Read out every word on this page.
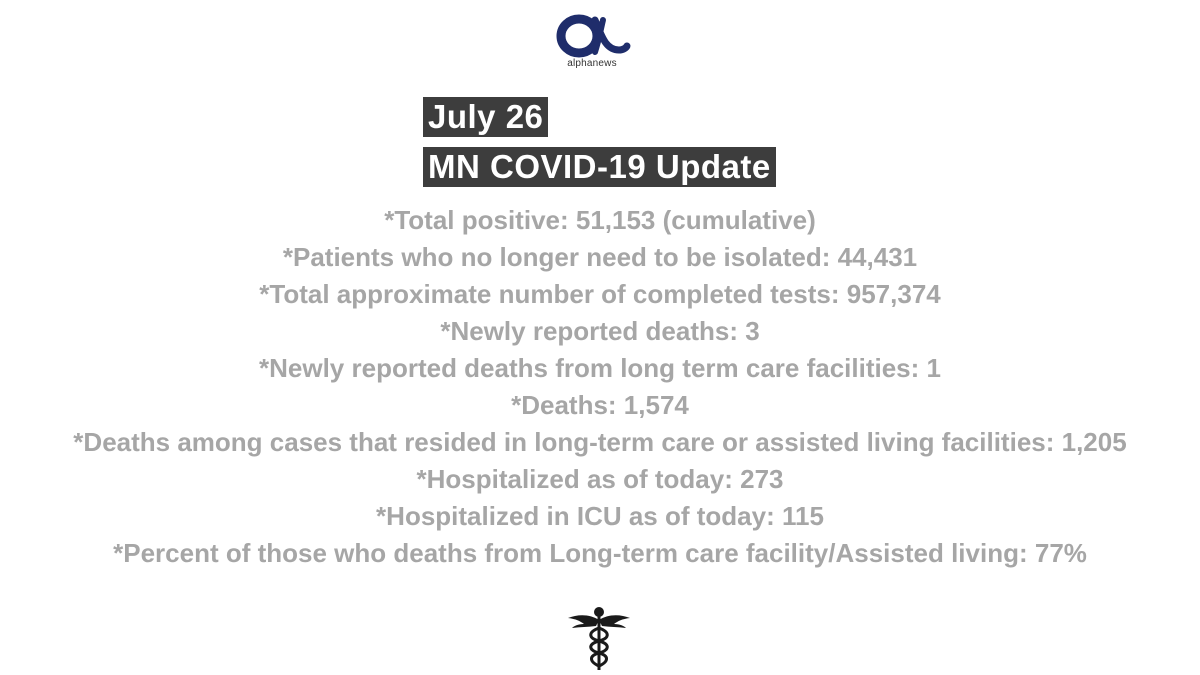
alphanews
July 26
MN COVID-19 Update
*Total positive: 51,153 (cumulative)
*Patients who no longer need to be isolated: 44,431
*Total approximate number of completed tests: 957,374
*Newly reported deaths: 3
*Newly reported deaths from long term care facilities: 1
*Deaths: 1,574
*Deaths among cases that resided in long-term care or assisted living facilities: 1,205
*Hospitalized as of today: 273
*Hospitalized in ICU as of today: 115
*Percent of those who deaths from Long-term care facility/Assisted living: 77%
